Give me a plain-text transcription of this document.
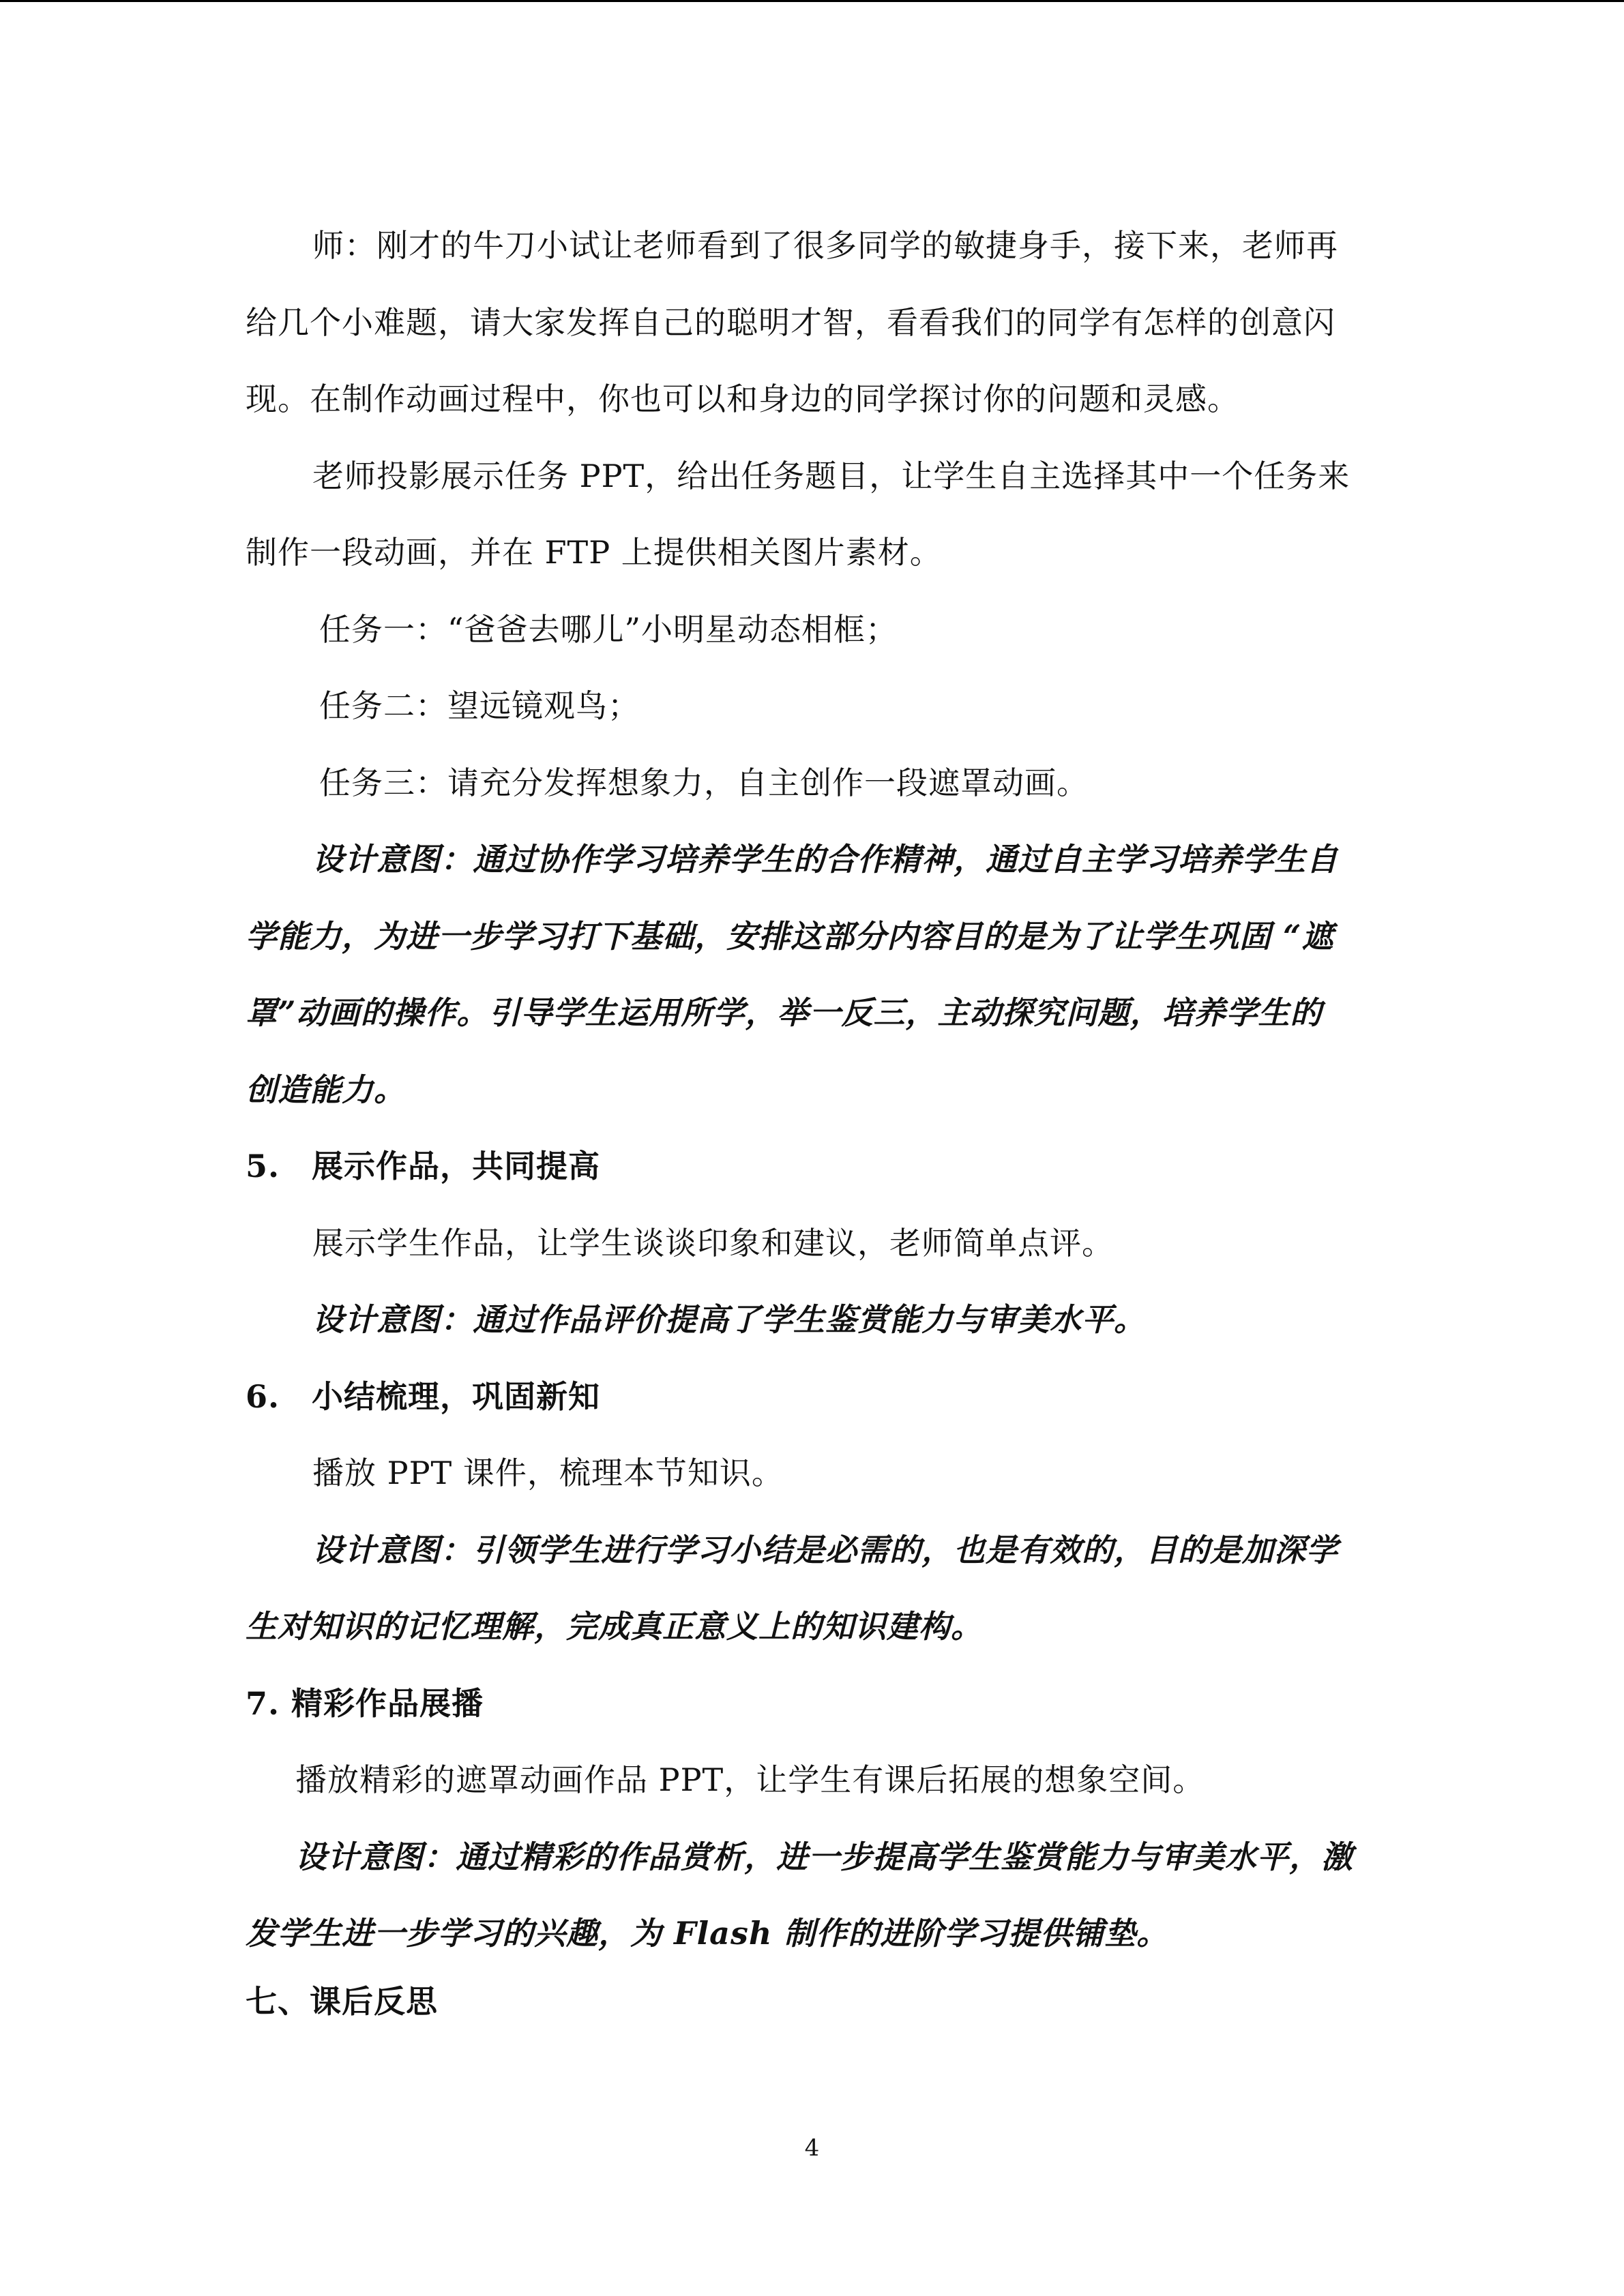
师：刚才的牛刀小试让老师看到了很多同学的敏捷身手，接下来，老师再
给几个小难题，请大家发挥自己的聪明才智，看看我们的同学有怎样的创意闪
现。在制作动画过程中，你也可以和身边的同学探讨你的问题和灵感。
老师投影展示任务 PPT，给出任务题目，让学生自主选择其中一个任务来
制作一段动画，并在 FTP 上提供相关图片素材。
任务一：“爸爸去哪儿”小明星动态相框；
任务二：望远镜观鸟；
任务三：请充分发挥想象力，自主创作一段遮罩动画。
设计意图：通过协作学习培养学生的合作精神，通过自主学习培养学生自
学能力，为进一步学习打下基础，安排这部分内容目的是为了让学生巩固 “遮
罩”动画的操作。引导学生运用所学，举一反三，主动探究问题，培养学生的
创造能力。
5.　展示作品，共同提高
展示学生作品，让学生谈谈印象和建议，老师简单点评。
设计意图：通过作品评价提高了学生鉴赏能力与审美水平。
6.　小结梳理，巩固新知
播放 PPT 课件，梳理本节知识。
设计意图：引领学生进行学习小结是必需的，也是有效的，目的是加深学
生对知识的记忆理解，完成真正意义上的知识建构。
7. 精彩作品展播
播放精彩的遮罩动画作品 PPT，让学生有课后拓展的想象空间。
设计意图：通过精彩的作品赏析，进一步提高学生鉴赏能力与审美水平，激
发学生进一步学习的兴趣，为 Flash 制作的进阶学习提供铺垫。
七、课后反思
4
